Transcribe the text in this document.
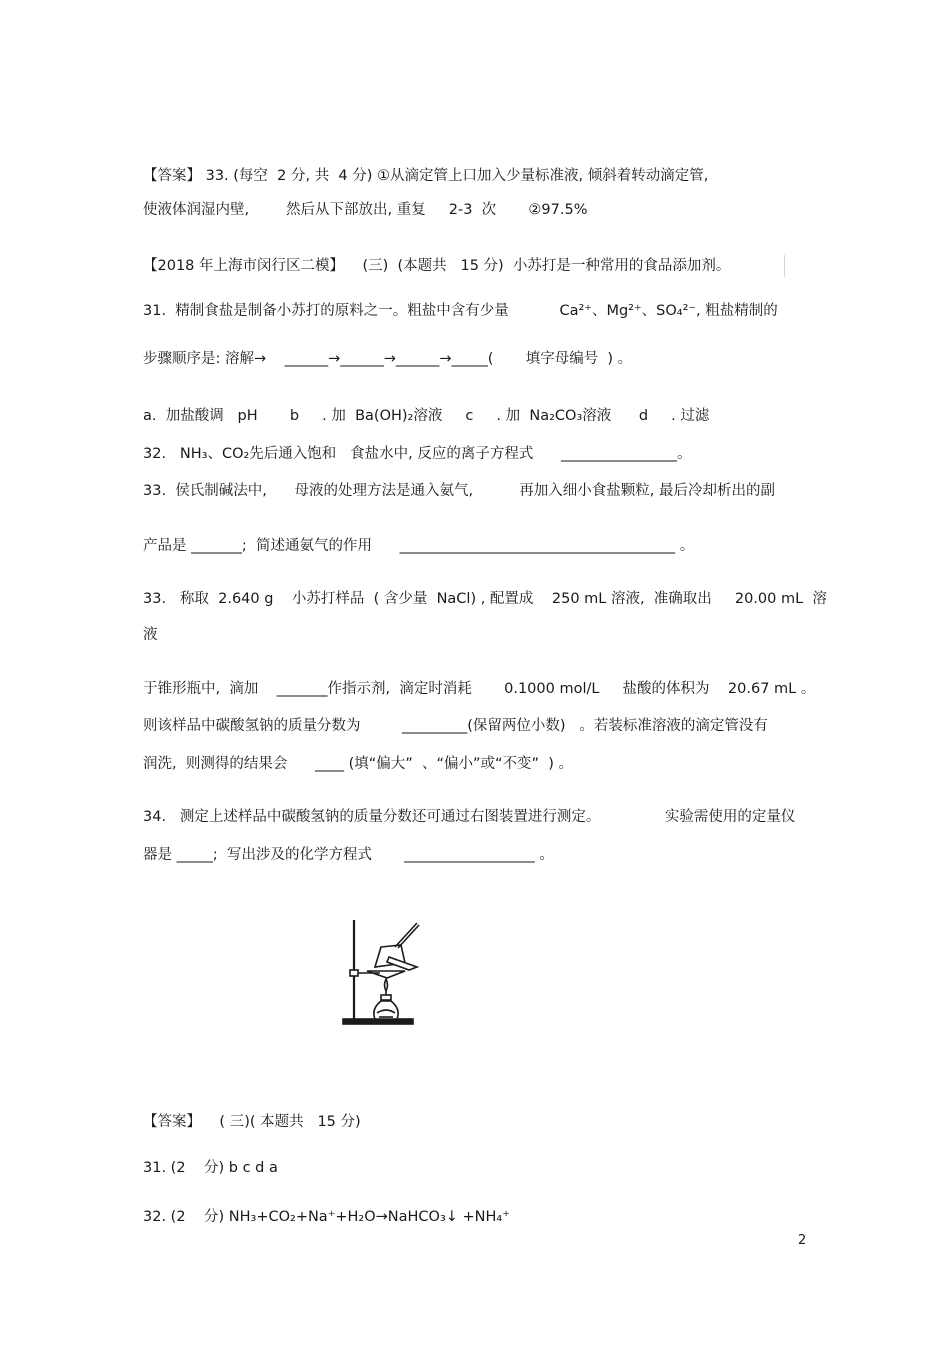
【答案】 33. (每空  2 分, 共  4 分) ①从滴定管上口加入少量标准液, 倾斜着转动滴定管,
使液体润湿内壁,        然后从下部放出, 重复     2-3  次       ②97.5%
【2018 年上海市闵行区二模】    (三)  (本题共   15 分)  小苏打是一种常用的食品添加剂。
31.  精制食盐是制备小苏打的原料之一。粗盐中含有少量           Ca²⁺、Mg²⁺、SO₄²⁻, 粗盐精制的
步骤顺序是: 溶解→    ______→______→______→_____(       填字母编号  ) 。
a.  加盐酸调   pH       b     . 加  Ba(OH)₂溶液     c     . 加  Na₂CO₃溶液      d     . 过滤
32.   NH₃、CO₂先后通入饱和   食盐水中, 反应的离子方程式      ________________。
33.  侯氏制碱法中,      母液的处理方法是通入氨气,          再加入细小食盐颗粒, 最后冷却析出的副
产品是 _______;  简述通氨气的作用      ______________________________________ 。
33.   称取  2.640 g    小苏打样品  ( 含少量  NaCl) , 配置成    250 mL 溶液,  准确取出     20.00 mL  溶
液
于锥形瓶中,  滴加    _______作指示剂,  滴定时消耗       0.1000 mol/L     盐酸的体积为    20.67 mL 。
则该样品中碳酸氢钠的质量分数为         _________(保留两位小数)   。若装标准溶液的滴定管没有
润洗,  则测得的结果会      ____ (填“偏大”  、“偏小”或“不变”  ) 。
34.   测定上述样品中碳酸氢钠的质量分数还可通过右图装置进行测定。              实验需使用的定量仪
器是 _____;  写出涉及的化学方程式       __________________ 。
【答案】    ( 三)( 本题共   15 分)
31. (2    分) b c d a
32. (2    分) NH₃+CO₂+Na⁺+H₂O→NaHCO₃↓ +NH₄⁺
2
